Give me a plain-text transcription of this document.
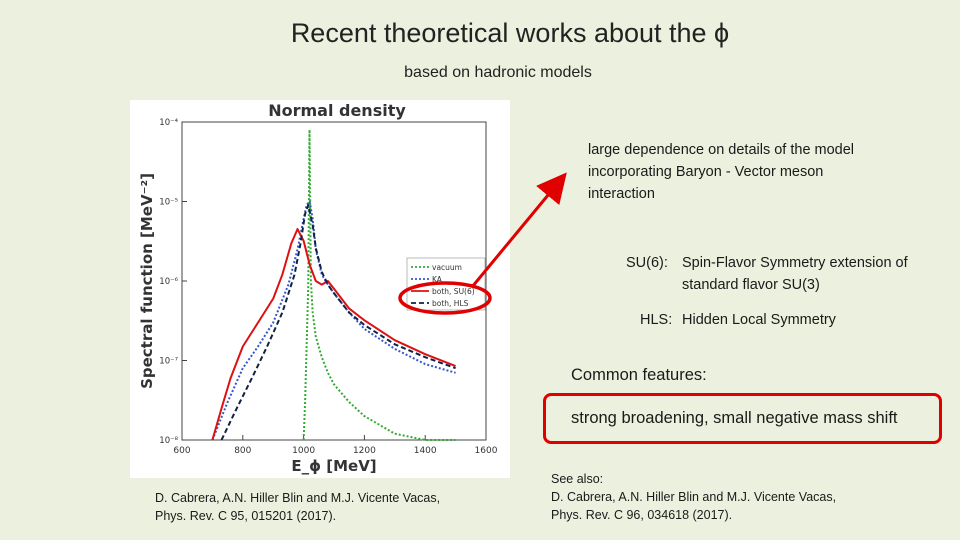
Recent theoretical works about the ϕ
based on hadronic models
Normal density
Spectral function [MeV⁻²]
E_ϕ [MeV]
600	800	1000	1200	1400	1600
10⁻⁸
10⁻⁷
10⁻⁶
10⁻⁵
10⁻⁴
vacuum
KA
both, SU(6)
both, HLS
large dependence on details of the model incorporating Baryon - Vector meson interaction
SU(6): Spin-Flavor Symmetry extension of standard flavor SU(3)
HLS: Hidden Local Symmetry
Common features:
strong broadening, small negative mass shift
D. Cabrera, A.N. Hiller Blin and M.J. Vicente Vacas,
Phys. Rev. C 95, 015201 (2017).
See also:
D. Cabrera, A.N. Hiller Blin and M.J. Vicente Vacas,
Phys. Rev. C 96, 034618 (2017).
